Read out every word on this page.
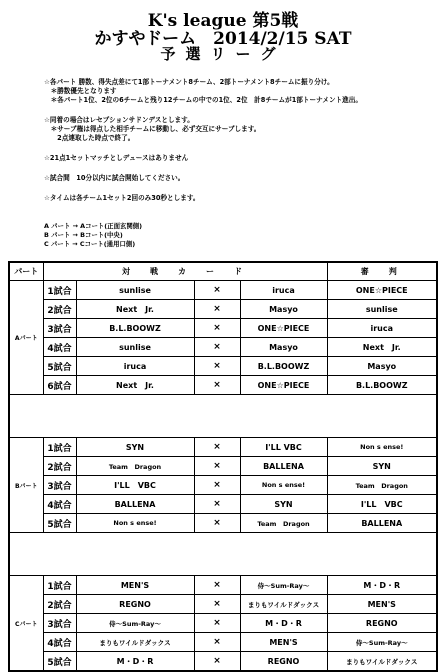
K's league 第5戦
かすやドーム　2014/2/15 SAT
予選リーグ
☆各パート 勝数、得失点差にて1部トーナメント8チーム、2部トーナメント8チームに振り分け。
　＊勝数優先となります
　＊各パート1位、2位の6チームと残り12チームの中での1位、2位　計8チームが1部トーナメント進出。
☆同着の場合はレセプションサドンデスとします。
　＊サーブ権は得点した相手チームに移動し、必ず交互にサーブします。
　　2点連取した時点で終了。
☆21点1セットマッチとしデュースはありません
☆試合間　10分以内に試合開始してください。
☆タイムは各チーム1セット2回のみ30秒とします。
A パート → Aコート(正面玄関側)
B パート → Bコート(中央)
C パート → Cコート(通用口側)
パート	対　戦　カ　ー　ド				審　判
Aパート	1試合	sunlise	×	iruca	ONE☆PIECE
	2試合	Next　Jr.	×	Masyo	sunlise
	3試合	B.L.BOOWZ	×	ONE☆PIECE	iruca
	4試合	sunlise	×	Masyo	Next　Jr.
	5試合	iruca	×	B.L.BOOWZ	Masyo
	6試合	Next　Jr.	×	ONE☆PIECE	B.L.BOOWZ

Bパート	1試合	SYN	×	I'LL VBC	Non s ense!
	2試合	Team　Dragon	×	BALLENA	SYN
	3試合	I'LL　VBC	×	Non s ense!	Team　Dragon
	4試合	BALLENA	×	SYN	I'LL　VBC
	5試合	Non s ense!	×	Team　Dragon	BALLENA

Cパート	1試合	MEN'S	×	侍～Sum-Ray～	M・D・R
	2試合	REGNO	×	まりもワイルドダックス	MEN'S
	3試合	侍～Sum-Ray～	×	M・D・R	REGNO
	4試合	まりもワイルドダックス	×	MEN'S	侍～Sum-Ray～
	5試合	M・D・R	×	REGNO	まりもワイルドダックス
